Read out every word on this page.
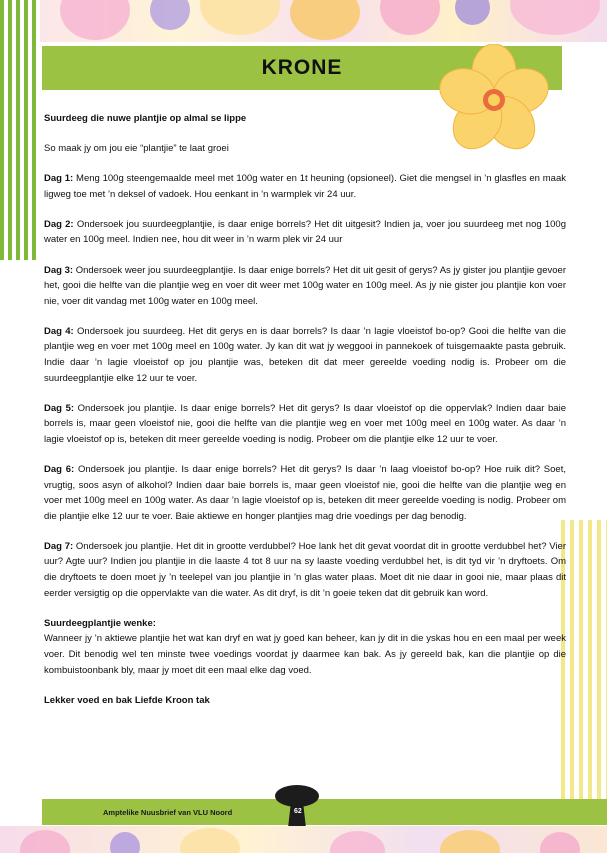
KRONE

Suurdeeg die nuwe plantjie op almal se lippe

So maak jy om jou eie “plantjie” te laat groei

Dag 1: Meng 100g steengemaalde meel met 100g water en 1t heuning (opsioneel). Giet die mengsel in ’n glasfles en maak ligweg toe met ’n deksel of vadoek. Hou eenkant in ’n warmplek vir 24 uur.

Dag 2: Ondersoek jou suurdeegplantjie, is daar enige borrels? Het dit uitgesit? Indien ja, voer jou suurdeeg met nog 100g water en 100g meel. Indien nee, hou dit weer in ’n warm plek vir 24 uur

Dag 3: Ondersoek weer jou suurdeegplantjie. Is daar enige borrels? Het dit uit gesit of gerys? As jy gister jou plantjie gevoer het, gooi die helfte van die plantjie weg en voer dit weer met 100g water en 100g meel. As jy nie gister jou plantjie kon voer nie, voer dit vandag met 100g water en 100g meel.

Dag 4: Ondersoek jou suurdeeg. Het dit gerys en is daar borrels? Is daar ’n lagie vloeistof bo-op? Gooi die helfte van die plantjie weg en voer met 100g meel en 100g water. Jy kan dit wat jy weggooi in pannekoek of tuisgemaakte pasta gebruik. Indie daar ’n lagie vloeistof op jou plantjie was, beteken dit dat meer gereelde voeding nodig is. Probeer om die suurdeegplantjie elke 12 uur te voer.

Dag 5: Ondersoek jou plantjie. Is daar enige borrels? Het dit gerys? Is daar vloeistof op die oppervlak? Indien daar baie borrels is, maar geen vloeistof nie, gooi die helfte van die plantjie weg en voer met 100g meel en 100g water. As daar ’n lagie vloeistof op is, beteken dit meer gereelde voeding is nodig. Probeer om die plantjie elke 12 uur te voer.

Dag 6: Ondersoek jou plantjie. Is daar enige borrels? Het dit gerys? Is daar ’n laag vloeistof bo-op? Hoe ruik dit? Soet, vrugtig, soos asyn of alkohol? Indien daar baie borrels is, maar geen vloeistof nie, gooi die helfte van die plantjie weg en voer met 100g meel en 100g water. As daar ’n lagie vloeistof op is, beteken dit meer gereelde voeding is nodig. Probeer om die plantjie elke 12 uur te voer. Baie aktiewe en honger plantjies mag drie voedings per dag benodig.

Dag 7: Ondersoek jou plantjie. Het dit in grootte verdubbel? Hoe lank het dit gevat voordat dit in grootte verdubbel het? Vier uur? Agte uur? Indien jou plantjie in die laaste 4 tot 8 uur na sy laaste voeding verdubbel het, is dit tyd vir ’n dryftoets. Om die dryftoets te doen moet jy ’n teelepel van jou plantjie in ’n glas water plaas. Moet dit nie daar in gooi nie, maar plaas dit eerder versigtig op die oppervlakte van die water. As dit dryf, is dit ’n goeie teken dat dit gebruik kan word.

Suurdeegplantjie wenke:

Wanneer jy ’n aktiewe plantjie het wat kan dryf en wat jy goed kan beheer, kan jy dit in die yskas hou en een maal per week voer. Dit benodig wel ten minste twee voedings voordat jy daarmee kan bak. As jy gereeld bak, kan die plantjie op die kombuistoonbank bly, maar jy moet dit een maal elke dag voed.

Lekker voed en bak Liefde Kroon tak

Amptelike Nuusbrief van VLU Noord	62
